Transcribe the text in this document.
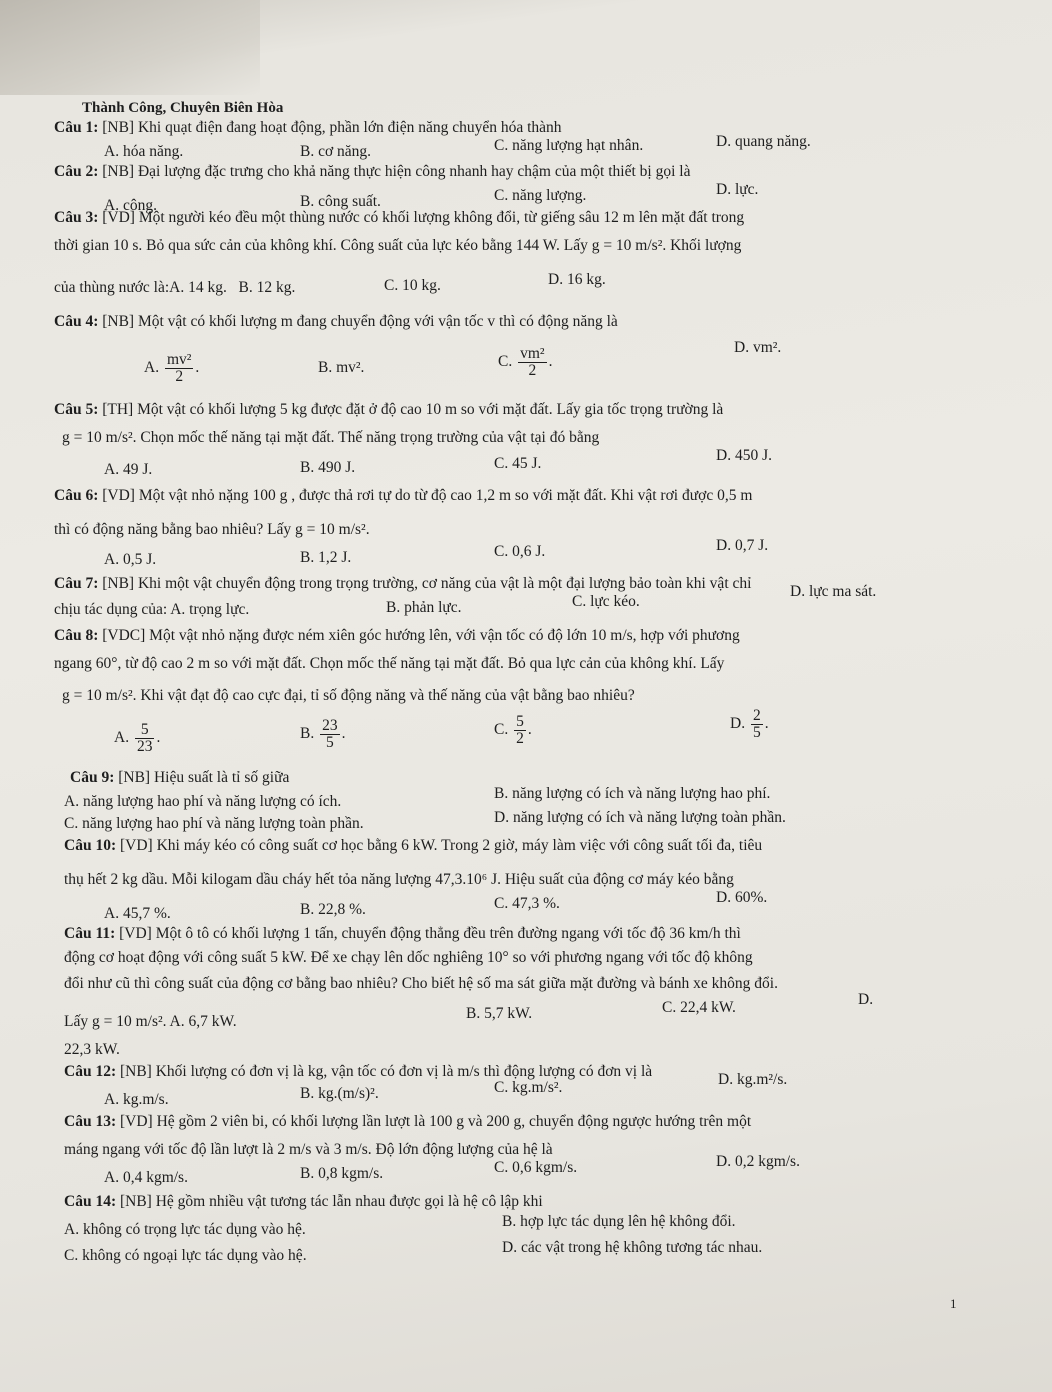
Thành Công, Chuyên Biên Hòa
Câu 1: [NB] Khi quạt điện đang hoạt động, phần lớn điện năng chuyển hóa thành
A. hóa năng.	B. cơ năng.	C. năng lượng hạt nhân.	D. quang năng.
Câu 2: [NB] Đại lượng đặc trưng cho khả năng thực hiện công nhanh hay chậm của một thiết bị gọi là
A. công.	B. công suất.	C. năng lượng.	D. lực.
Câu 3: [VD] Một người kéo đều một thùng nước có khối lượng không đổi, từ giếng sâu 12 m lên mặt đất trong
thời gian 10 s. Bỏ qua sức cản của không khí. Công suất của lực kéo bằng 144 W. Lấy g = 10 m/s². Khối lượng
của thùng nước là:A. 14 kg. B. 12 kg.	C. 10 kg.	D. 16 kg.
Câu 4: [NB] Một vật có khối lượng m đang chuyển động với vận tốc v thì có động năng là
A. $\frac{\text{mv²}}{2}$ .	B. mv².	C. $\frac{\text{vm²}}{2}$ .
D. vm².
Câu 5: [TH] Một vật có khối lượng 5 kg được đặt ở độ cao 10 m so với mặt đất. Lấy gia tốc trọng trường là
g = 10 m/s². Chọn mốc thế năng tại mặt đất. Thế năng trọng trường của vật tại đó bằng
A. 49 J.	B. 490 J.	C. 45 J.	D. 450 J.
Câu 6: [VD] Một vật nhỏ nặng 100 g , được thả rơi tự do từ độ cao 1,2 m so với mặt đất. Khi vật rơi được 0,5 m
thì có động năng bằng bao nhiêu? Lấy g = 10 m/s².
A. 0,5 J.	B. 1,2 J.	C. 0,6 J.	D. 0,7 J.
Câu 7: [NB] Khi một vật chuyển động trong trọng trường, cơ năng của vật là một đại lượng bảo toàn khi vật chỉ
chịu tác dụng của: A. trọng lực.	B. phản lực.	C. lực kéo.
D. lực ma sát.
Câu 8: [VDC] Một vật nhỏ nặng được ném xiên góc hướng lên, với vận tốc có độ lớn 10 m/s, hợp với phương
ngang 60°, từ độ cao 2 m so với mặt đất. Chọn mốc thế năng tại mặt đất. Bỏ qua lực cản của không khí. Lấy
g = 10 m/s². Khi vật đạt độ cao cực đại, tỉ số động năng và thế năng của vật bằng bao nhiêu?
A. $\frac{5}{23}$ .	B. $\frac{23}{5}$ .	C. $\frac{5}{2}$ .	D. $\frac{2}{5}$ .
Câu 9: [NB] Hiệu suất là tỉ số giữa
A. năng lượng hao phí và năng lượng có ích.	B. năng lượng có ích và năng lượng hao phí.
C. năng lượng hao phí và năng lượng toàn phần.	D. năng lượng có ích và năng lượng toàn phần.
Câu 10: [VD] Khi máy kéo có công suất cơ học bằng 6 kW. Trong 2 giờ, máy làm việc với công suất tối đa, tiêu
thụ hết 2 kg dầu. Mỗi kilogam dầu cháy hết tỏa năng lượng 47,3.10⁶ J. Hiệu suất của động cơ máy kéo bằng
A. 45,7 %.	B. 22,8 %.	C. 47,3 %.	D. 60%.
Câu 11: [VD] Một ô tô có khối lượng 1 tấn, chuyển động thẳng đều trên đường ngang với tốc độ 36 km/h thì
động cơ hoạt động với công suất 5 kW. Để xe chạy lên dốc nghiêng 10° so với phương ngang với tốc độ không
đổi như cũ thì công suất của động cơ bằng bao nhiêu? Cho biết hệ số ma sát giữa mặt đường và bánh xe không đổi.
Lấy g = 10 m/s². A. 6,7 kW.	B. 5,7 kW.	C. 22,4 kW.	D.
22,3 kW.
Câu 12: [NB] Khối lượng có đơn vị là kg, vận tốc có đơn vị là m/s thì động lượng có đơn vị là
A. kg.m/s.	B. kg.(m/s)².	C. kg.m/s².	D. kg.m²/s.
Câu 13: [VD] Hệ gồm 2 viên bi, có khối lượng lần lượt là 100 g và 200 g, chuyển động ngược hướng trên một
máng ngang với tốc độ lần lượt là 2 m/s và 3 m/s. Độ lớn động lượng của hệ là
A. 0,4 kgm/s.	B. 0,8 kgm/s.	C. 0,6 kgm/s.	D. 0,2 kgm/s.
Câu 14: [NB] Hệ gồm nhiều vật tương tác lẫn nhau được gọi là hệ cô lập khi
A. không có trọng lực tác dụng vào hệ.	B. hợp lực tác dụng lên hệ không đổi.
C. không có ngoại lực tác dụng vào hệ.	D. các vật trong hệ không tương tác nhau.
1
